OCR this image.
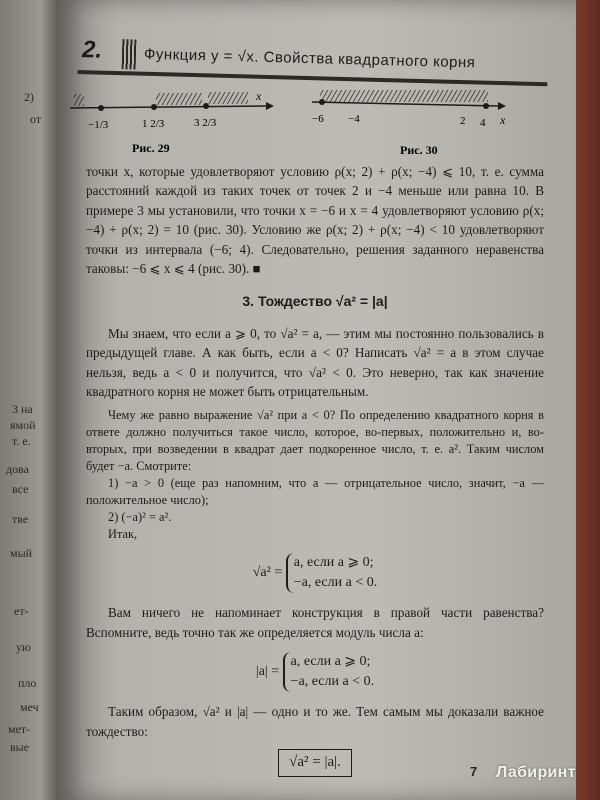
2)
от
3 на
ямой
т. е.
дова
все
тве
мый
ет-
ую
пло
меч
мет-
вые
2.	Функция y = √x. Свойства квадратного корня
x
−1/3	1 2/3	3 2/3
Рис. 29
x
−6 −4	2 4
Рис. 30

точки x, которые удовлетворяют условию ρ(x; 2) + ρ(x; −4) ⩽ 10, т. е. сумма расстояний каждой из таких точек от точек 2 и −4 меньше или равна 10. В примере 3 мы установили, что точки x = −6 и x = 4 удовлетворяют условию ρ(x; −4) + ρ(x; 2) = 10 (рис. 30). Условию же ρ(x; 2) + ρ(x; −4) < 10 удовлетворяют точки из интервала (−6; 4). Следовательно, решения заданного неравенства таковы: −6 ⩽ x ⩽ 4 (рис. 30). ■

3. Тождество √a² = |a|

Мы знаем, что если a ⩾ 0, то √a² = a, — этим мы постоянно пользовались в предыдущей главе. А как быть, если a < 0? Написать √a² = a в этом случае нельзя, ведь a < 0 и получится, что √a² < 0. Это неверно, так как значение квадратного корня не может быть отрицательным.

Чему же равно выражение √a² при a < 0? По определению квадратного корня в ответе должно получиться такое число, которое, во-первых, положительно и, во-вторых, при возведении в квадрат дает подкоренное число, т. е. a². Таким числом будет −a. Смотрите:

1) −a > 0 (еще раз напомним, что a — отрицательное число, значит, −a — положительное число);

2) (−a)² = a².

Итак,

√a² = a, если a ⩾ 0;
−a, если a < 0.

Вам ничего не напоминает конструкция в правой части равенства? Вспомните, ведь точно так же определяется модуль числа a:

|a| = a, если a ⩾ 0;
−a, если a < 0.

Таким образом, √a² и |a| — одно и то же. Тем самым мы доказали важное тождество:

√a² = |a|.
7 Лабиринт
